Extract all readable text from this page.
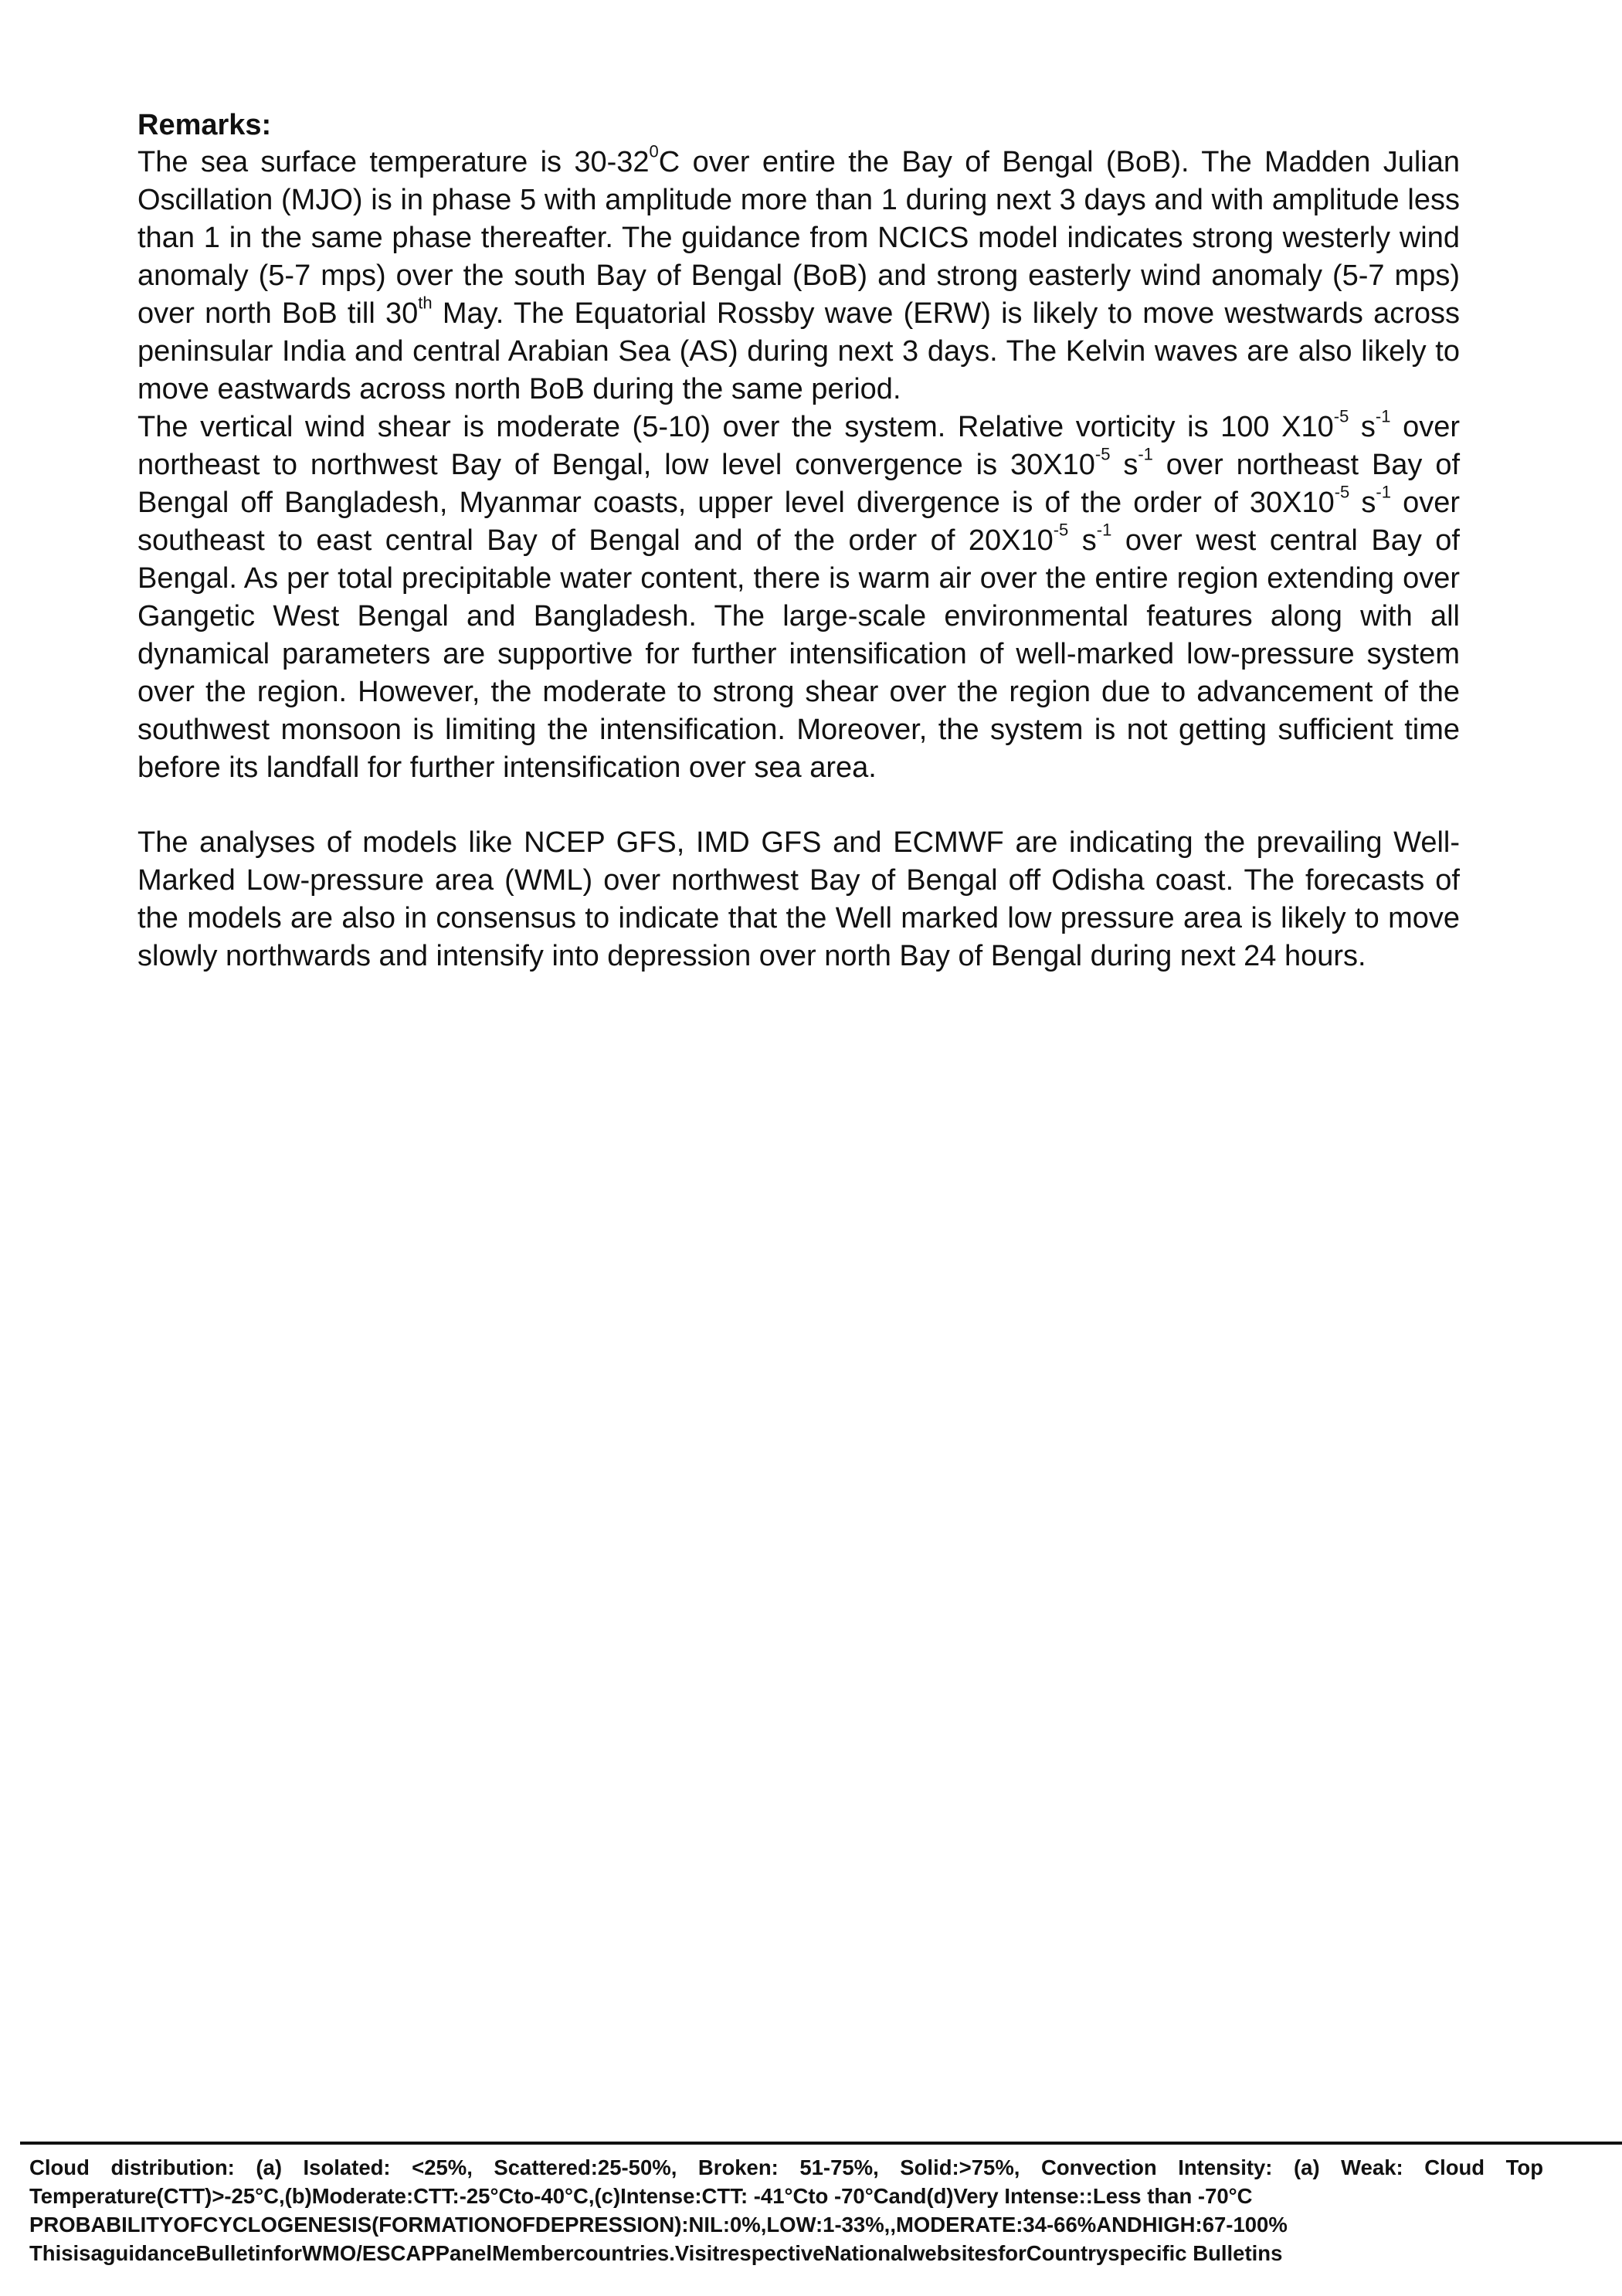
Remarks:

The sea surface temperature is $30-32^0C$ over entire the Bay of Bengal (BoB). The Madden Julian Oscillation (MJO) is in phase 5 with amplitude more than 1 during next 3 days and with amplitude less than 1 in the same phase thereafter. The guidance from NCICS model indicates strong westerly wind anomaly (5-7 mps) over the south Bay of Bengal (BoB) and strong easterly wind anomaly (5-7 mps) over north BoB till 30th May. The Equatorial Rossby wave (ERW) is likely to move westwards across peninsular India and central Arabian Sea (AS) during next 3 days. The Kelvin waves are also likely to move eastwards across north BoB during the same period.

The vertical wind shear is moderate (5-10) over the system. Relative vorticity is 100 $X10^{-5}$ $s^{-1}$ over northeast to northwest Bay of Bengal, low level convergence is $30X10^{-5}$ $s^{-1}$ over northeast Bay of Bengal off Bangladesh, Myanmar coasts, upper level divergence is of the order of $30X10^{-5}$ $s^{-1}$ over southeast to east central Bay of Bengal and of the order of $20X10^{-5}$ $s^{-1}$ over west central Bay of Bengal. As per total precipitable water content, there is warm air over the entire region extending over Gangetic West Bengal and Bangladesh. The large-scale environmental features along with all dynamical parameters are supportive for further intensification of well-marked low-pressure system over the region. However, the moderate to strong shear over the region due to advancement of the southwest monsoon is limiting the intensification. Moreover, the system is not getting sufficient time before its landfall for further intensification over sea area.

The analyses of models like NCEP GFS, IMD GFS and ECMWF are indicating the prevailing Well-Marked Low-pressure area (WML) over northwest Bay of Bengal off Odisha coast. The forecasts of the models are also in consensus to indicate that the Well marked low pressure area is likely to move slowly northwards and intensify into depression over north Bay of Bengal during next 24 hours.

Cloud distribution: (a) Isolated: <25%, Scattered:25-50%, Broken: 51-75%, Solid:>75%, Convection Intensity: (a) Weak: Cloud Top
Temperature(CTT)>-25°C,(b)Moderate:CTT:-25°Cto-40°C,(c)Intense:CTT: -41°Cto -70°Cand(d)Very Intense::Less than -70°C
PROBABILITYOFCYCLOGENESIS(FORMATIONOFDEPRESSION):NIL:0%,LOW:1-33%,,MODERATE:34-66%ANDHIGH:67-100%
ThisisaguidanceBulletinforWMO/ESCAPPanelMembercountries.VisitrespectiveNationalwebsitesforCountryspecific Bulletins
